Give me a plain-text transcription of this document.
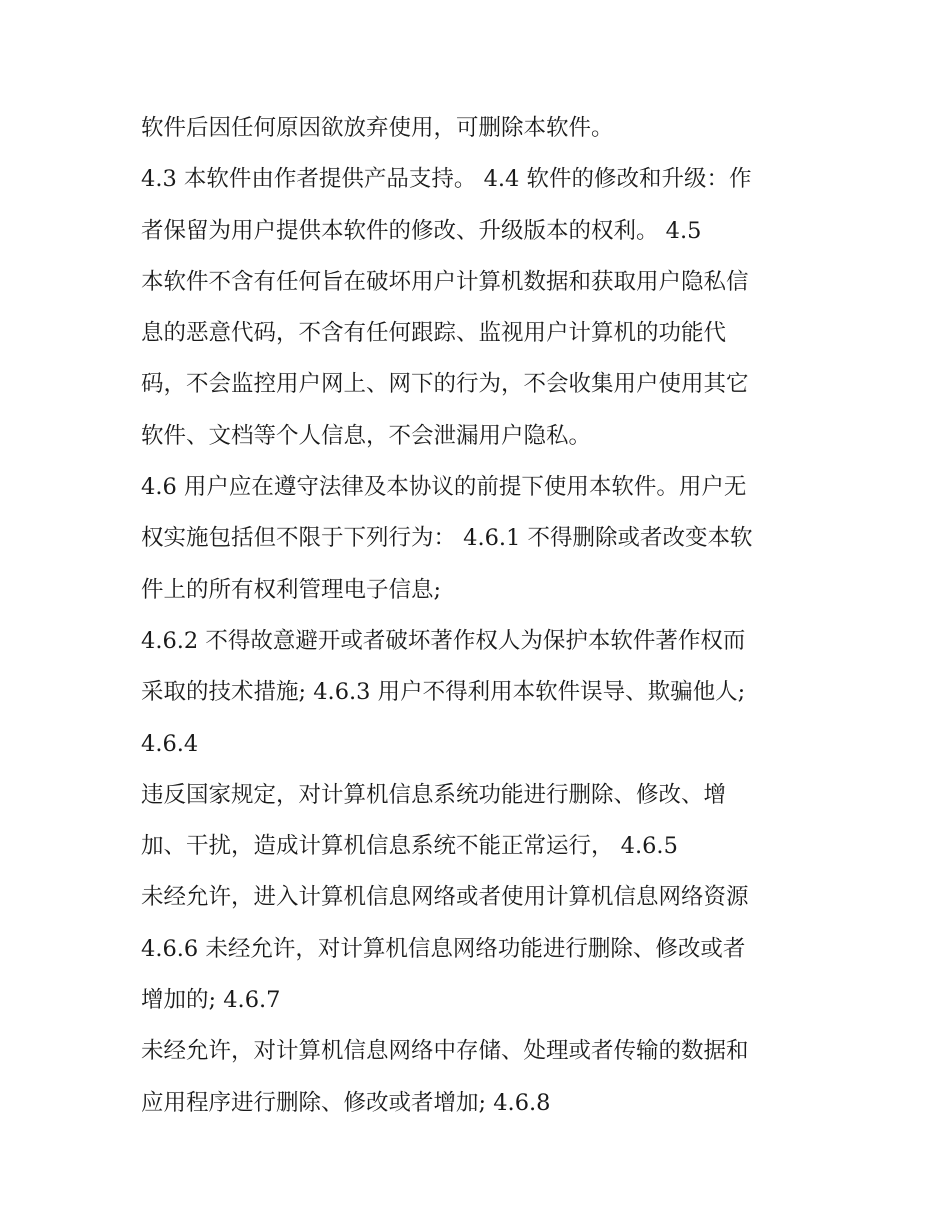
软件后因任何原因欲放弃使用，可删除本软件。
4.3 本软件由作者提供产品支持。 4.4 软件的修改和升级：作
者保留为用户提供本软件的修改、升级版本的权利。 4.5
本软件不含有任何旨在破坏用户计算机数据和获取用户隐私信
息的恶意代码，不含有任何跟踪、监视用户计算机的功能代
码，不会监控用户网上、网下的行为，不会收集用户使用其它
软件、文档等个人信息，不会泄漏用户隐私。
4.6 用户应在遵守法律及本协议的前提下使用本软件。用户无
权实施包括但不限于下列行为： 4.6.1 不得删除或者改变本软
件上的所有权利管理电子信息;
4.6.2 不得故意避开或者破坏著作权人为保护本软件著作权而
采取的技术措施; 4.6.3 用户不得利用本软件误导、欺骗他人;
4.6.4
违反国家规定，对计算机信息系统功能进行删除、修改、增
加、干扰，造成计算机信息系统不能正常运行， 4.6.5
未经允许，进入计算机信息网络或者使用计算机信息网络资源
4.6.6 未经允许，对计算机信息网络功能进行删除、修改或者
增加的; 4.6.7
未经允许，对计算机信息网络中存储、处理或者传输的数据和
应用程序进行删除、修改或者增加; 4.6.8
